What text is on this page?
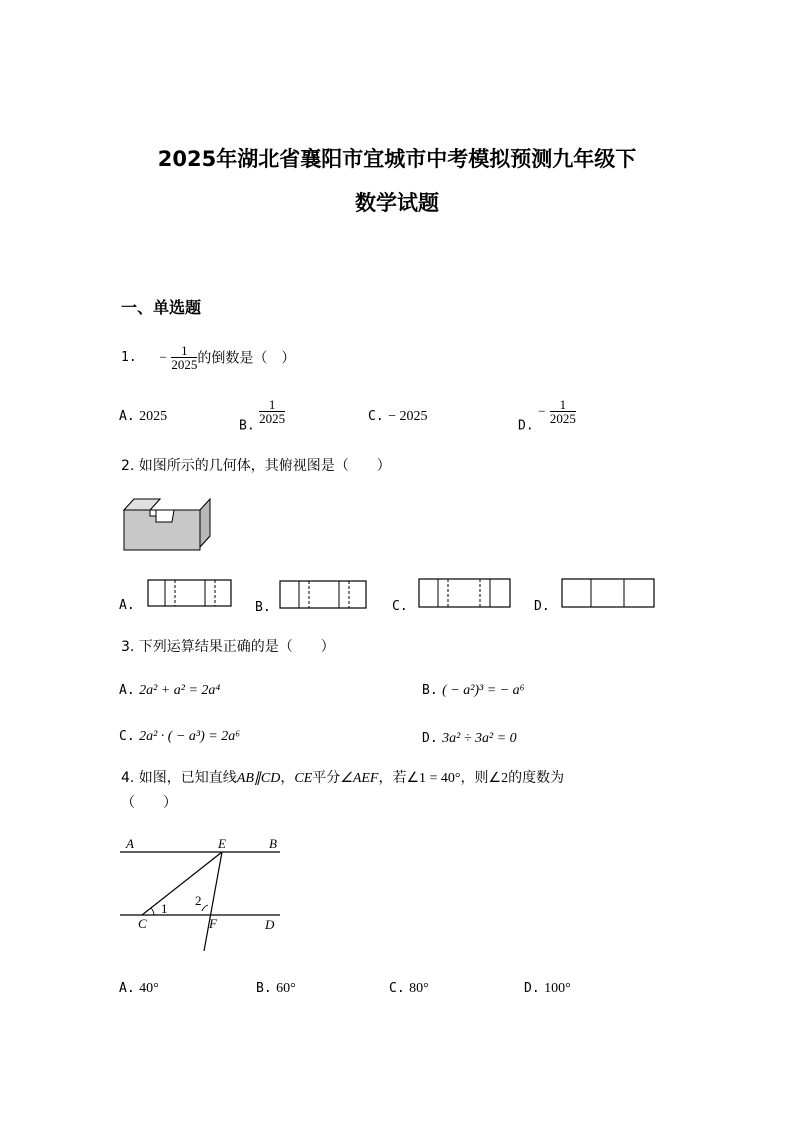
2025年湖北省襄阳市宜城市中考模拟预测九年级下
数学试题
一、单选题
1. − $\frac{1}{2025}$ 的倒数是（　）
A. 2025
B.
$\frac{1}{2025}$	C. − 2025
D. − $\frac{1}{2025}$
2. 如图所示的几何体，其俯视图是（　　）
A.	B.	C.	D.
3. 下列运算结果正确的是（　　）
A. 2a² + a² = 2a⁴	B. ( − a²)³ = − a⁶
C. 2a² · ( − a³) = 2a⁶	D. 3a² ÷ 3a² = 0
4. 如图，已知直线AB∥CD，CE平分∠AEF，若∠1 = 40°，则∠2的度数为
（　　）
A	E	B
C	F	D
1
2
A. 40°	B. 60°	C. 80°	D. 100°
